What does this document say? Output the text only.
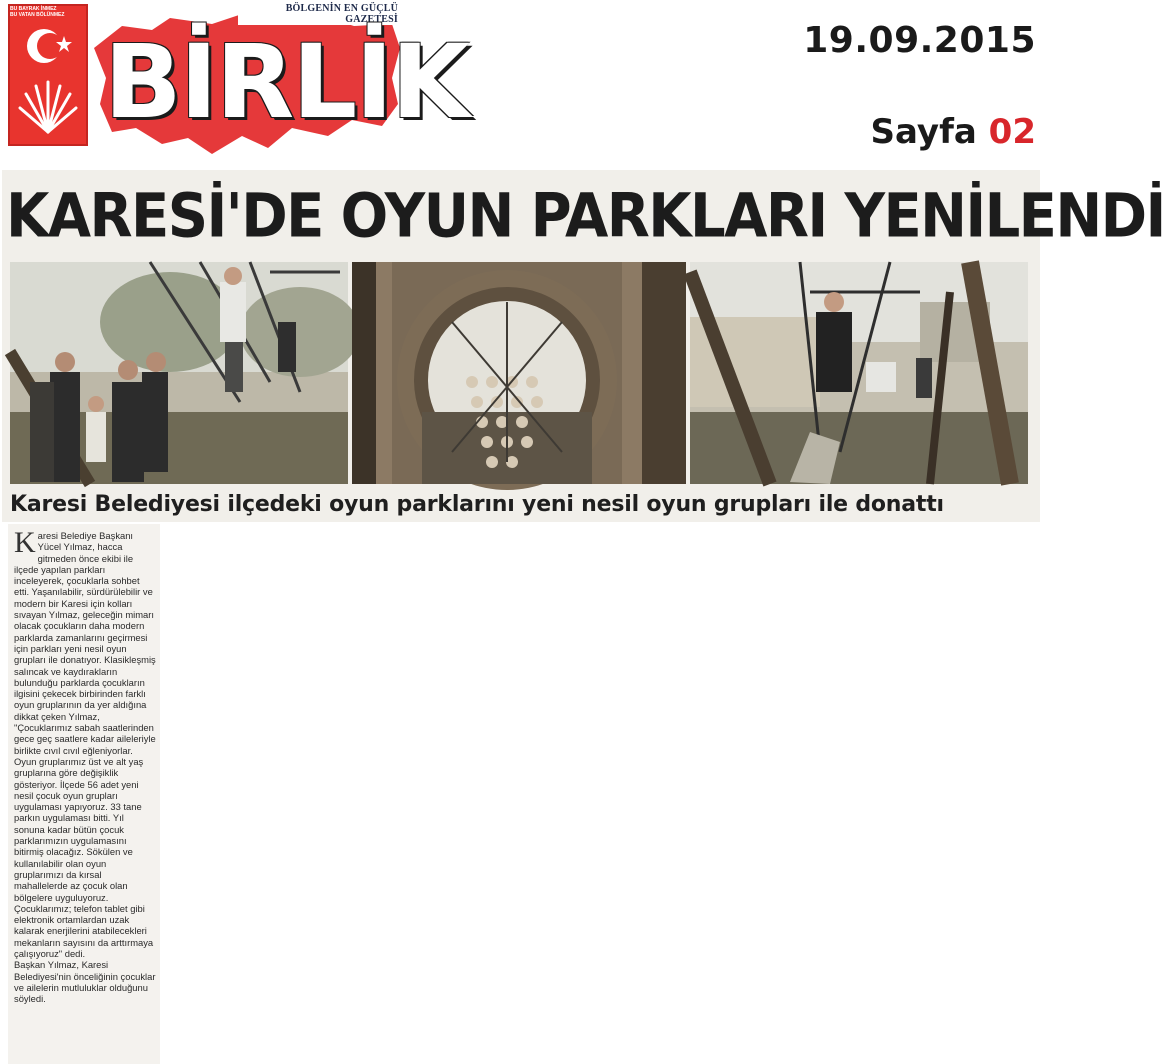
BU BAYRAK İNMEZ
BU VATAN BÖLÜNMEZ
BÖLGENİN EN GÜÇLÜ GAZETESİ
BİRLİK	19.09.2015
Sayfa 02
KARESİ'DE OYUN PARKLARI YENİLENDİ
Karesi Belediyesi ilçedeki oyun parklarını yeni nesil oyun grupları ile donattı
K aresi Belediye Başkanı Yücel Yılmaz, hacca gitmeden önce ekibi ile ilçede yapılan parkları inceleyerek, çocuklarla sohbet etti. Yaşanılabilir, sürdürülebilir ve modern bir Karesi için kolları sıvayan Yılmaz, geleceğin mimarı olacak çocukların daha modern parklarda zamanlarını geçirmesi için parkları yeni nesil oyun grupları ile donatıyor. Klasikleşmiş salıncak ve kaydırakların bulunduğu parklarda çocukların ilgisini çekecek birbirinden farklı oyun gruplarının da yer aldığına dikkat çeken Yılmaz, "Çocuklarımız sabah saatlerinden gece geç saatlere kadar aileleriyle birlikte cıvıl cıvıl eğleniyorlar. Oyun gruplarımız üst ve alt yaş gruplarına göre değişiklik gösteriyor. İlçede 56 adet yeni nesil çocuk oyun grupları uygulaması yapıyoruz. 33 tane parkın uygulaması bitti. Yıl sonuna kadar bütün çocuk parklarımızın uygulamasını bitirmiş olacağız. Sökülen ve kullanılabilir olan oyun gruplarımızı da kırsal mahallelerde az çocuk olan bölgelere uyguluyoruz. Çocuklarımız; telefon tablet gibi elektronik ortamlardan uzak kalarak enerjilerini atabilecekleri mekanların sayısını da arttırmaya çalışıyoruz" dedi.

Başkan Yılmaz, Karesi Belediyesi'nin önceliğinin çocuklar ve ailelerin mutluluklar olduğunu söyledi.
